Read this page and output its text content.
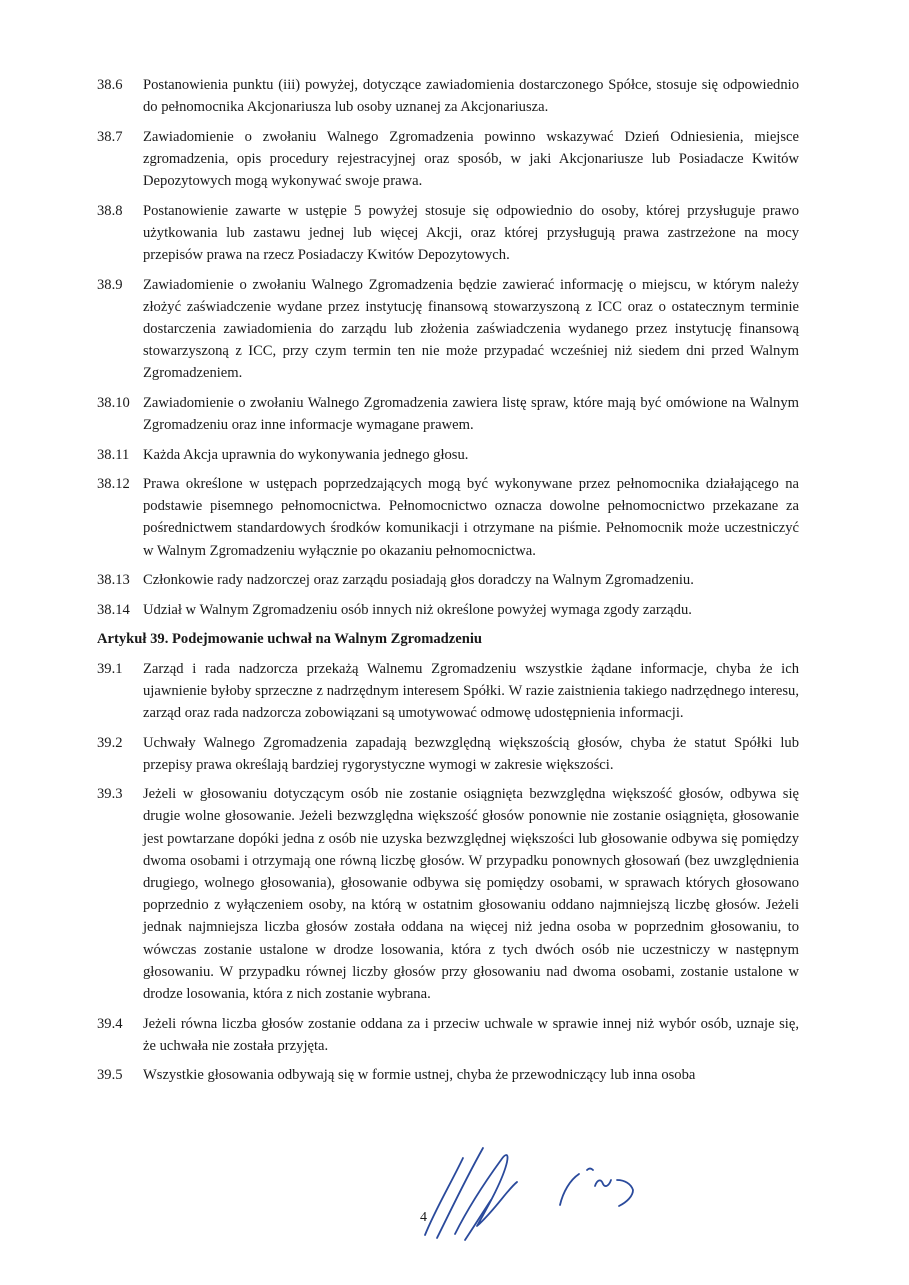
38.6	Postanowienia punktu (iii) powyżej, dotyczące zawiadomienia dostarczonego Spółce, stosuje się odpowiednio do pełnomocnika Akcjonariusza lub osoby uznanej za Akcjonariusza.
38.7	Zawiadomienie o zwołaniu Walnego Zgromadzenia powinno wskazywać Dzień Odniesienia, miejsce zgromadzenia, opis procedury rejestracyjnej oraz sposób, w jaki Akcjonariusze lub Posiadacze Kwitów Depozytowych mogą wykonywać swoje prawa.
38.8	Postanowienie zawarte w ustępie 5 powyżej stosuje się odpowiednio do osoby, której przysługuje prawo użytkowania lub zastawu jednej lub więcej Akcji, oraz której przysługują prawa zastrzeżone na mocy przepisów prawa na rzecz Posiadaczy Kwitów Depozytowych.
38.9	Zawiadomienie o zwołaniu Walnego Zgromadzenia będzie zawierać informację o miejscu, w którym należy złożyć zaświadczenie wydane przez instytucję finansową stowarzyszoną z ICC oraz o ostatecznym terminie dostarczenia zawiadomienia do zarządu lub złożenia zaświadczenia wydanego przez instytucję finansową stowarzyszoną z ICC, przy czym termin ten nie może przypadać wcześniej niż siedem dni przed Walnym Zgromadzeniem.
38.10 Zawiadomienie o zwołaniu Walnego Zgromadzenia zawiera listę spraw, które mają być omówione na Walnym Zgromadzeniu oraz inne informacje wymagane prawem.
38.11 Każda Akcja uprawnia do wykonywania jednego głosu.
38.12 Prawa określone w ustępach poprzedzających mogą być wykonywane przez pełnomocnika działającego na podstawie pisemnego pełnomocnictwa. Pełnomocnictwo oznacza dowolne pełnomocnictwo przekazane za pośrednictwem standardowych środków komunikacji i otrzymane na piśmie. Pełnomocnik może uczestniczyć w Walnym Zgromadzeniu wyłącznie po okazaniu pełnomocnictwa.
38.13 Członkowie rady nadzorczej oraz zarządu posiadają głos doradczy na Walnym Zgromadzeniu.
38.14 Udział w Walnym Zgromadzeniu osób innych niż określone powyżej wymaga zgody zarządu.
Artykuł 39. Podejmowanie uchwał na Walnym Zgromadzeniu
39.1	Zarząd i rada nadzorcza przekażą Walnemu Zgromadzeniu wszystkie żądane informacje, chyba że ich ujawnienie byłoby sprzeczne z nadrzędnym interesem Spółki. W razie zaistnienia takiego nadrzędnego interesu, zarząd oraz rada nadzorcza zobowiązani są umotywować odmowę udostępnienia informacji.
39.2	Uchwały Walnego Zgromadzenia zapadają bezwzględną większością głosów, chyba że statut Spółki lub przepisy prawa określają bardziej rygorystyczne wymogi w zakresie większości.
39.3	Jeżeli w głosowaniu dotyczącym osób nie zostanie osiągnięta bezwzględna większość głosów, odbywa się drugie wolne głosowanie. Jeżeli bezwzględna większość głosów ponownie nie zostanie osiągnięta, głosowanie jest powtarzane dopóki jedna z osób nie uzyska bezwzględnej większości lub głosowanie odbywa się pomiędzy dwoma osobami i otrzymają one równą liczbę głosów. W przypadku ponownych głosowań (bez uwzględnienia drugiego, wolnego głosowania), głosowanie odbywa się pomiędzy osobami, w sprawach których głosowano poprzednio z wyłączeniem osoby, na którą w ostatnim głosowaniu oddano najmniejszą liczbę głosów. Jeżeli jednak najmniejsza liczba głosów została oddana na więcej niż jedna osoba w poprzednim głosowaniu, to wówczas zostanie ustalone w drodze losowania, która z tych dwóch osób nie uczestniczy w następnym głosowaniu. W przypadku równej liczby głosów przy głosowaniu nad dwoma osobami, zostanie ustalone w drodze losowania, która z nich zostanie wybrana.
39.4	Jeżeli równa liczba głosów zostanie oddana za i przeciw uchwale w sprawie innej niż wybór osób, uznaje się, że uchwała nie została przyjęta.
39.5	Wszystkie głosowania odbywają się w formie ustnej, chyba że przewodniczący lub inna osoba
4
